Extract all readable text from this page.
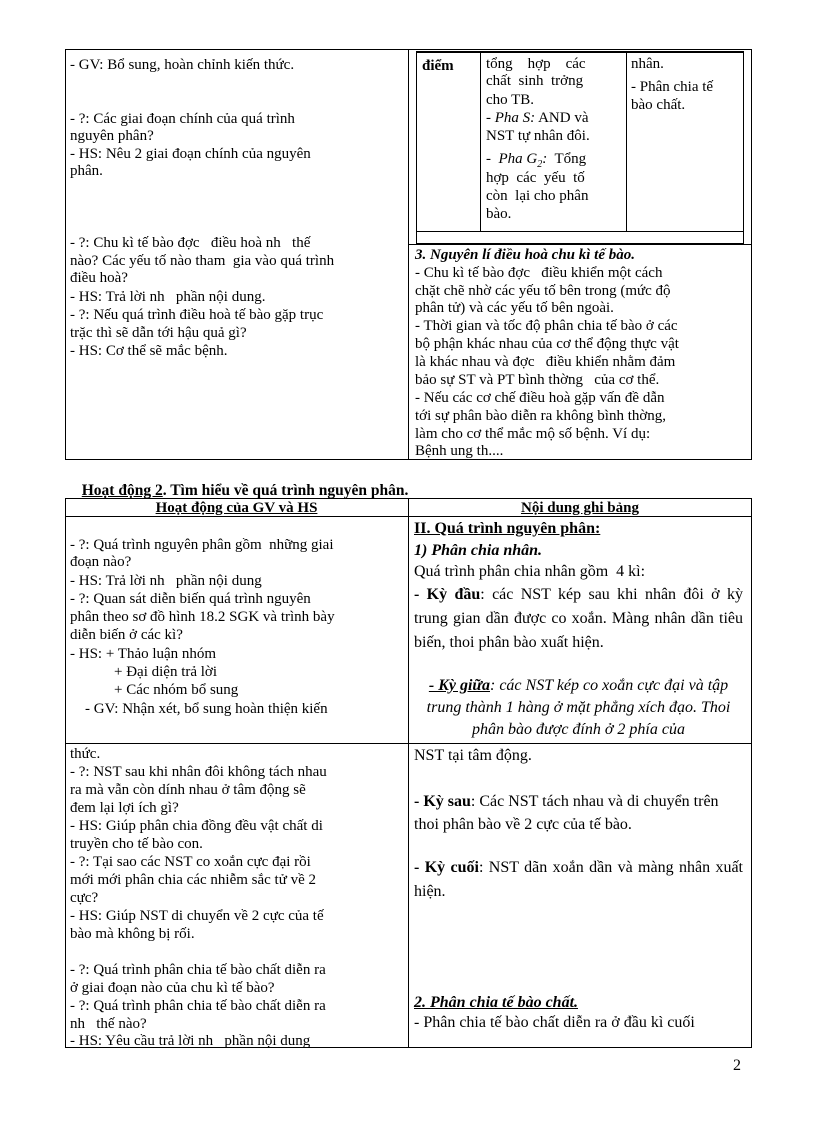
- GV: Bổ sung, hoàn chỉnh kiến thức.
- ?: Các giai đoạn chính của quá trình
nguyên phân?
- HS: Nêu 2 giai đoạn chính của nguyên
phân.
- ?: Chu kì tế bào đợc   điều hoà nh   thế
nào? Các yếu tố nào tham  gia vào quá trình
điều hoà?
- HS: Trả lời nh   phần nội dung.
- ?: Nếu quá trình điều hoà tế bào gặp trục
trặc thì sẽ dẫn tới hậu quả gì?
- HS: Cơ thể sẽ mắc bệnh.
điểm tổng    hợp    các
chất  sinh  trởng
cho TB.
- Pha S: AND và
NST tự nhân đôi.
-  Pha $G_2$:  Tổng
hợp  các  yếu  tố
còn  lại cho phân
bào.
nhân.
- Phân chia tế
bào chất.
3. Nguyên lí điều hoà chu kì tế bào.
- Chu kì tế bào đợc   điều khiển một cách
chặt chẽ nhờ các yếu tố bên trong (mức độ
phân tử) và các yếu tố bên ngoài.
- Thời gian và tốc độ phân chia tế bào ở các
bộ phận khác nhau của cơ thể động thực vật
là khác nhau và đợc   điều khiển nhằm đảm
bảo sự ST và PT bình thờng   của cơ thể.
- Nếu các cơ chế điều hoà gặp vấn đề dẫn
tới sự phân bào diễn ra không bình thờng,
làm cho cơ thể mắc mộ số bệnh. Ví dụ:
Bệnh ung th....

Hoạt động 2. Tìm hiểu về quá trình nguyên phân.

Hoạt động của GV và HS	Nội dung ghi bảng
- ?: Quá trình nguyên phân gồm  những giai
đoạn nào?
- HS: Trả lời nh   phần nội dung
- ?: Quan sát diễn biến quá trình nguyên
phân theo sơ đồ hình 18.2 SGK và trình bày
diễn biến ở các kì?
- HS: + Thảo luận nhóm
+ Đại diện trả lời
+ Các nhóm bổ sung
- GV: Nhận xét, bổ sung hoàn thiện kiến
II. Quá trình nguyên phân:
1) Phân chia nhân.
Quá trình phân chia nhân gồm  4 kì:
- Kỳ đầu: các NST kép sau khi nhân đôi ở kỳ trung gian dần được co xoắn. Màng nhân dần tiêu biến, thoi phân bào xuất hiện.
- Kỳ giữa: các NST kép co xoắn cực đại và tập trung thành 1 hàng ở mặt phẳng xích đạo. Thoi phân bào được đính ở 2 phía của
thức.
- ?: NST sau khi nhân đôi không tách nhau
ra mà vẫn còn dính nhau ở tâm động sẽ
đem lại lợi ích gì?
- HS: Giúp phân chia đồng đều vật chất di
truyền cho tế bào con.
- ?: Tại sao các NST co xoắn cực đại rồi
mới mới phân chia các nhiễm sắc tử về 2
cực?
- HS: Giúp NST di chuyển về 2 cực của tế
bào mà không bị rối.
- ?: Quá trình phân chia tế bào chất diễn ra
ở giai đoạn nào của chu kì tế bào?
- ?: Quá trình phân chia tế bào chất diễn ra
nh   thế nào?
- HS: Yêu cầu trả lời nh   phần nội dung
NST tại tâm động.
- Kỳ sau: Các NST tách nhau và di chuyển trên thoi phân bào về 2 cực của tế bào.
- Kỳ cuối: NST dãn xoắn dần và màng nhân xuất hiện.
2. Phân chia tế bào chất.
- Phân chia tế bào chất diễn ra ở đầu kì cuối
2
